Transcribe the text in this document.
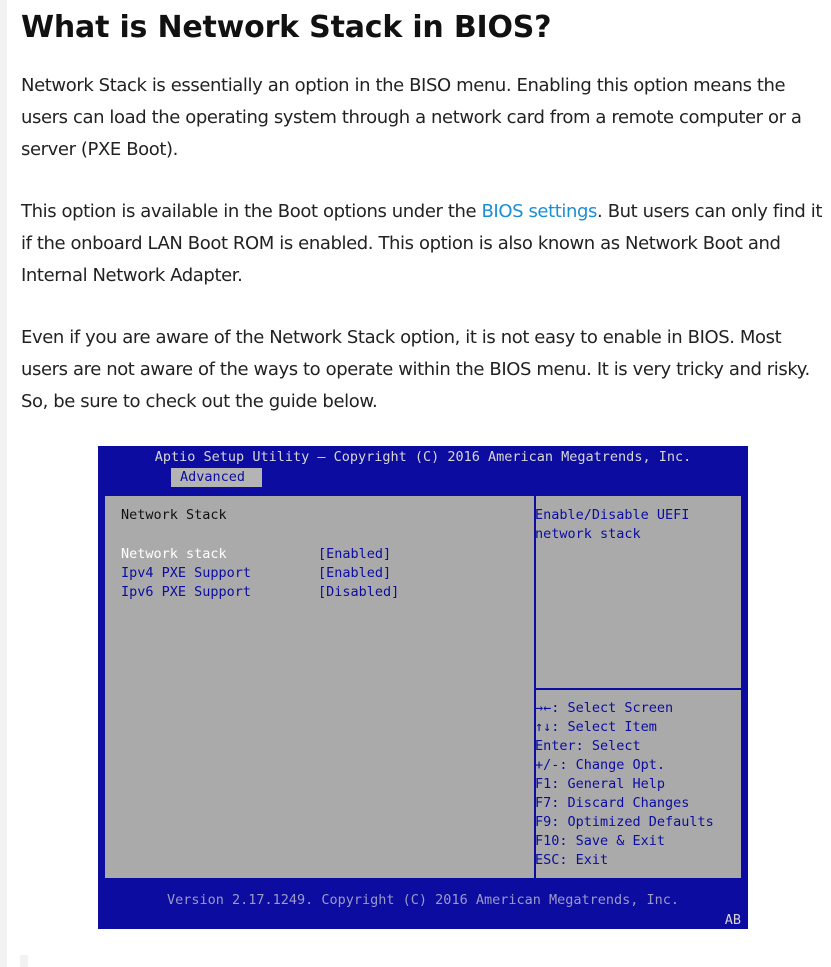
What is Network Stack in BIOS?

Network Stack is essentially an option in the BISO menu. Enabling this option means the users can load the operating system through a network card from a remote computer or a server (PXE Boot).

This option is available in the Boot options under the BIOS settings. But users can only find it if the onboard LAN Boot ROM is enabled. This option is also known as Network Boot and Internal Network Adapter.

Even if you are aware of the Network Stack option, it is not easy to enable in BIOS. Most users are not aware of the ways to operate within the BIOS menu. It is very tricky and risky. So, be sure to check out the guide below.

Aptio Setup Utility – Copyright (C) 2016 American Megatrends, Inc.
Advanced
Network Stack
Network stack	[Enabled]
Ipv4 PXE Support	[Enabled]
Ipv6 PXE Support	[Disabled]
Enable/Disable UEFI
network stack
→←: Select Screen
↑↓: Select Item
Enter: Select
+/-: Change Opt.
F1: General Help
F7: Discard Changes
F9: Optimized Defaults
F10: Save & Exit
ESC: Exit
Version 2.17.1249. Copyright (C) 2016 American Megatrends, Inc.
AB
